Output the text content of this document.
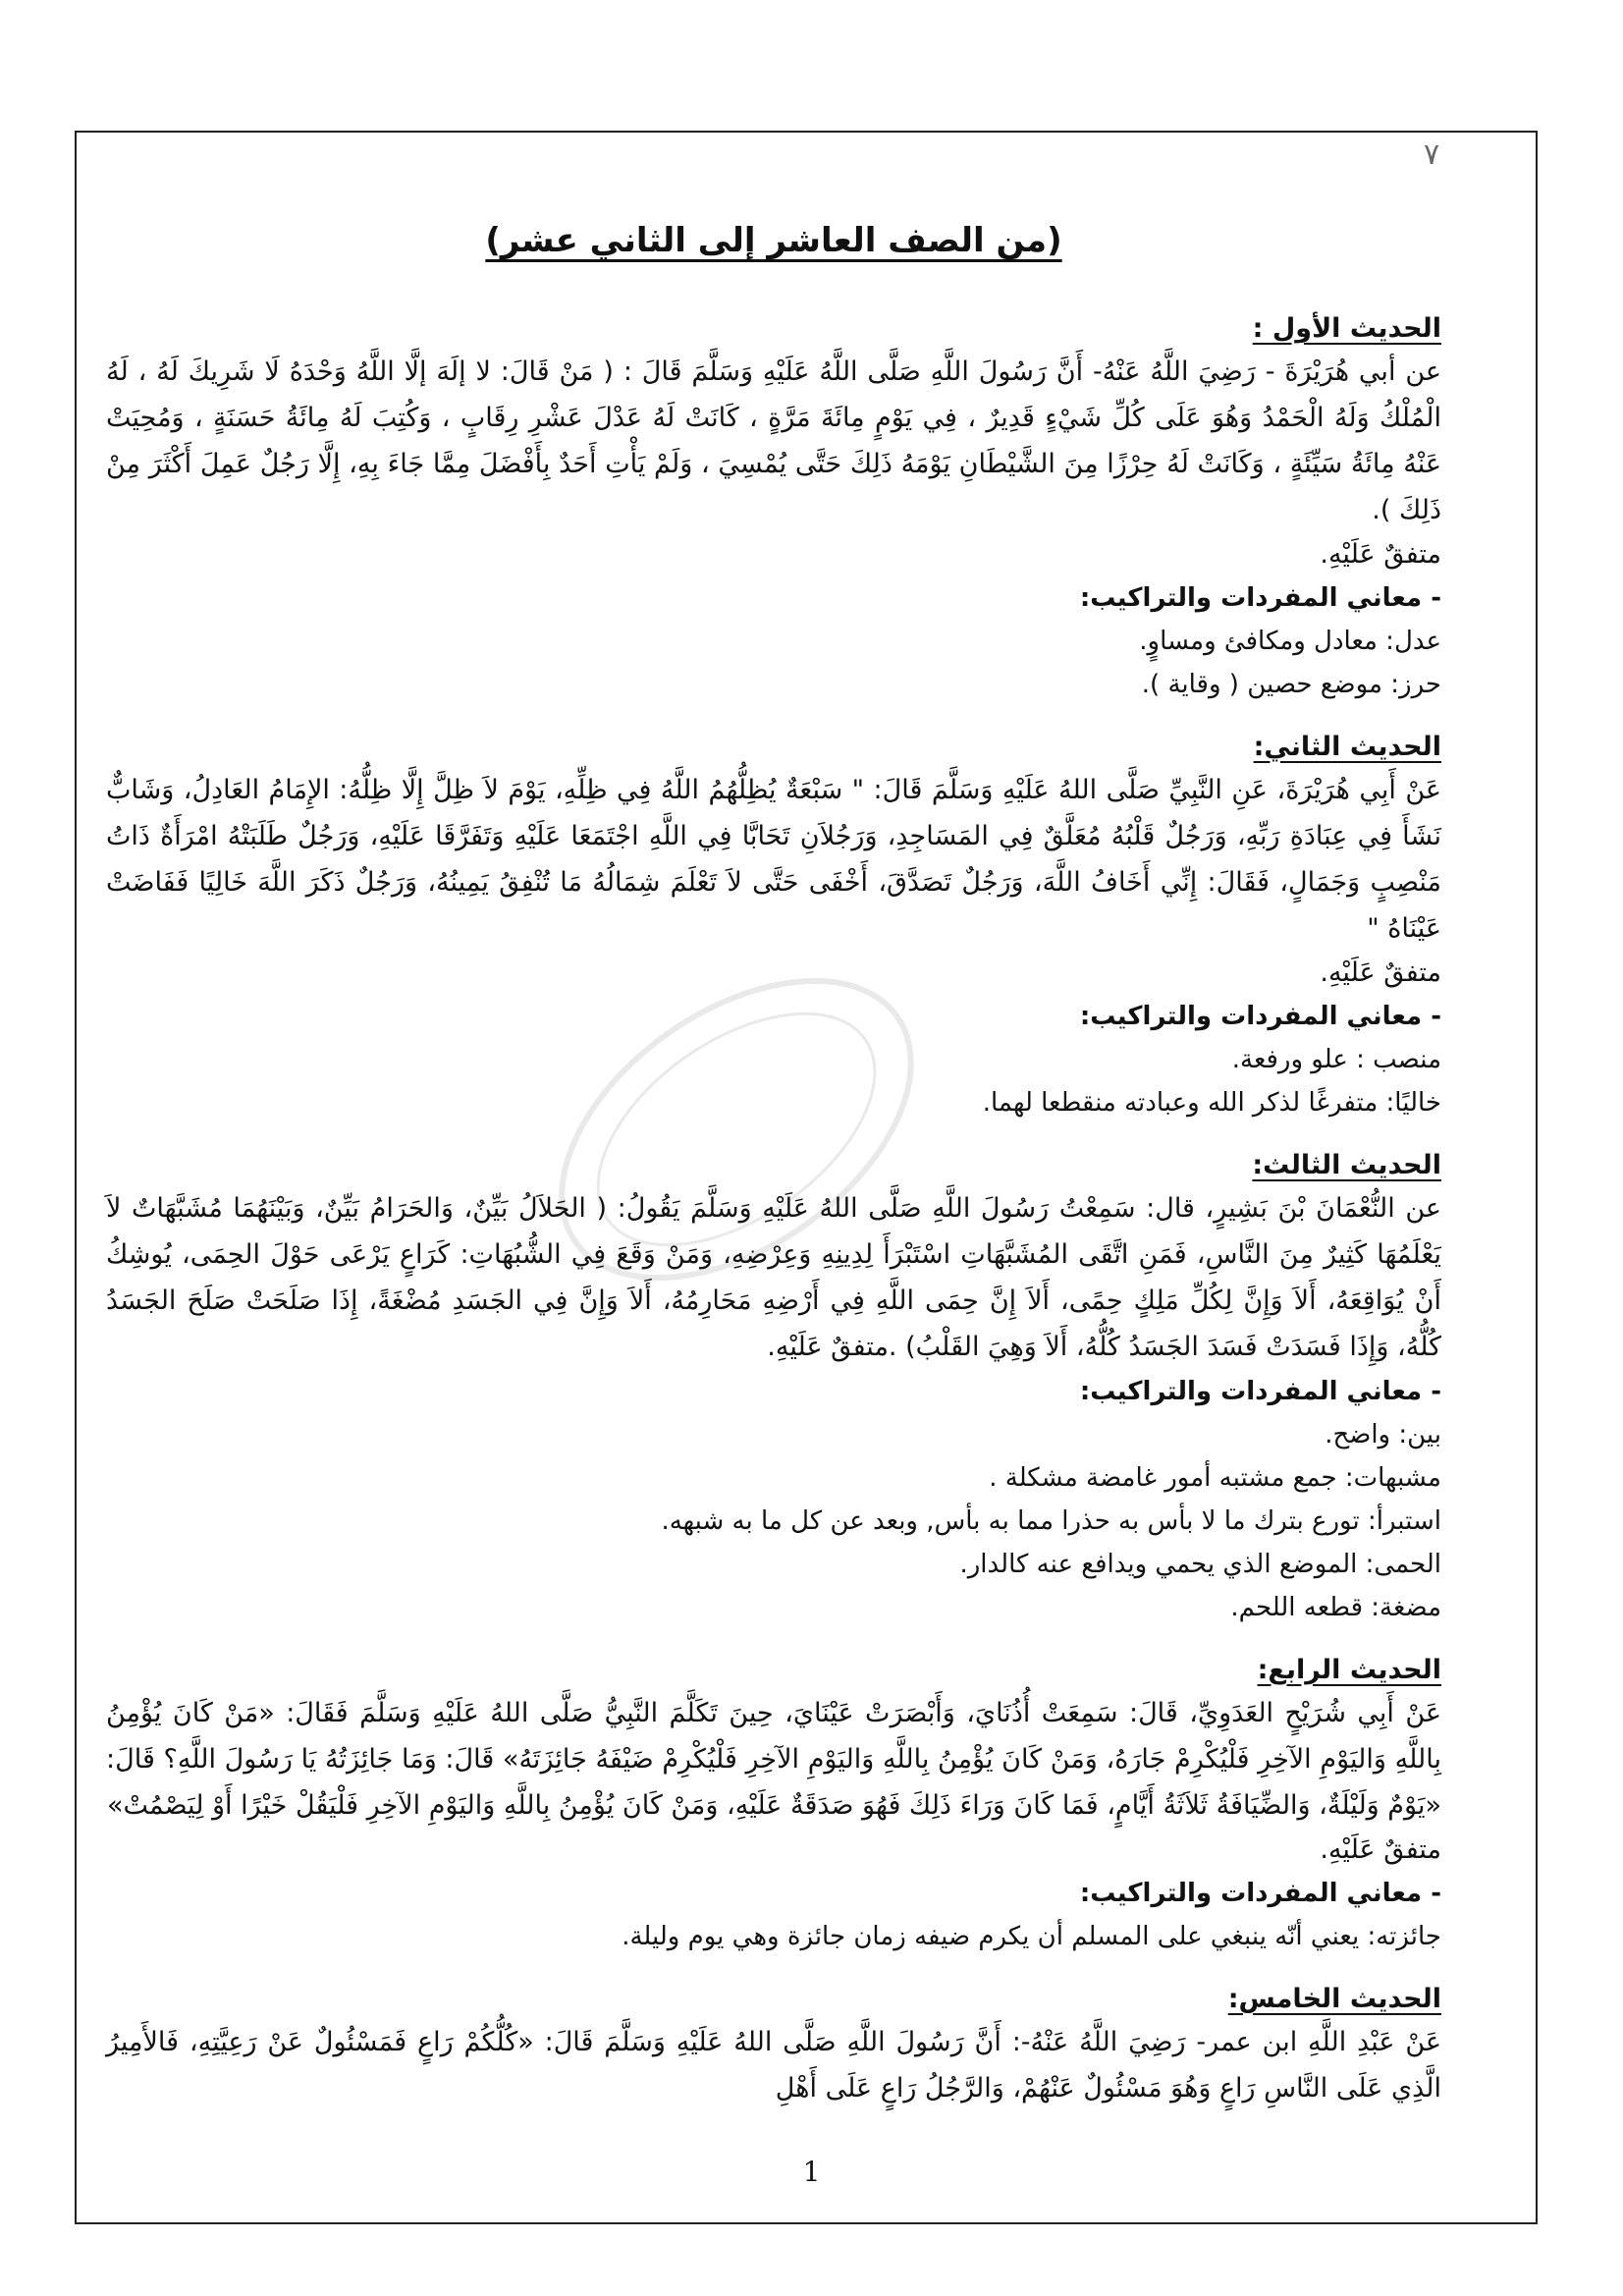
٧
(من الصف العاشر إلى الثاني عشر)
الحديث الأول :

عن أبي هُرَيْرَةَ - رَضِيَ اللَّهُ عَنْهُ- أَنَّ رَسُولَ اللَّهِ صَلَّى اللَّهُ عَلَيْهِ وَسَلَّمَ قَالَ : ( مَنْ قَالَ: لا إلَهَ إلَّا اللَّهُ وَحْدَهُ لَا شَرِيكَ لَهُ ، لَهُ الْمُلْكُ وَلَهُ الْحَمْدُ وَهُوَ عَلَى كُلِّ شَيْءٍ قَدِيرٌ ، فِي يَوْمٍ مِائَةَ مَرَّةٍ ، كَانَتْ لَهُ عَدْلَ عَشْرِ رِقَابٍ ، وَكُتِبَ لَهُ مِائَةُ حَسَنَةٍ ، وَمُحِيَتْ عَنْهُ مِائَةُ سَيِّئَةٍ ، وَكَانَتْ لَهُ حِرْزًا مِنَ الشَّيْطَانِ يَوْمَهُ ذَلِكَ حَتَّى يُمْسِيَ ، وَلَمْ يَأْتِ أَحَدٌ بِأَفْضَلَ مِمَّا جَاءَ بِهِ، إِلَّا رَجُلٌ عَمِلَ أَكْثَرَ مِنْ ذَلِكَ ).

متفقٌ عَلَيْهِ.

- معاني المفردات والتراكيب:

عدل: معادل ومكافئ ومساوٍ.
حرز: موضع حصين ( وقاية ).
الحديث الثاني:

عَنْ أَبِي هُرَيْرَةَ، عَنِ النَّبِيِّ صَلَّى اللهُ عَلَيْهِ وَسَلَّمَ قَالَ: " سَبْعَةٌ يُظِلُّهُمُ اللَّهُ فِي ظِلِّهِ، يَوْمَ لاَ ظِلَّ إِلَّا ظِلُّهُ: الإِمَامُ العَادِلُ، وَشَابٌّ نَشَأَ فِي عِبَادَةِ رَبِّهِ، وَرَجُلٌ قَلْبُهُ مُعَلَّقٌ فِي المَسَاجِدِ، وَرَجُلاَنِ تَحَابَّا فِي اللَّهِ اجْتَمَعَا عَلَيْهِ وَتَفَرَّقَا عَلَيْهِ، وَرَجُلٌ طَلَبَتْهُ امْرَأَةٌ ذَاتُ مَنْصِبٍ وَجَمَالٍ، فَقَالَ: إِنِّي أَخَافُ اللَّهَ، وَرَجُلٌ تَصَدَّقَ، أَخْفَى حَتَّى لاَ تَعْلَمَ شِمَالُهُ مَا تُنْفِقُ يَمِينُهُ، وَرَجُلٌ ذَكَرَ اللَّهَ خَالِيًا فَفَاضَتْ عَيْنَاهُ "

متفقٌ عَلَيْهِ.

- معاني المفردات والتراكيب:

منصب : علو ورفعة.
خاليًا: متفرغًا لذكر الله وعبادته منقطعا لهما.
الحديث الثالث:

عن النُّعْمَانَ بْنَ بَشِيرٍ، قال: سَمِعْتُ رَسُولَ اللَّهِ صَلَّى اللهُ عَلَيْهِ وَسَلَّمَ يَقُولُ: ( الحَلاَلُ بَيِّنٌ، وَالحَرَامُ بَيِّنٌ، وَبَيْنَهُمَا مُشَبَّهَاتٌ لاَ يَعْلَمُهَا كَثِيرٌ مِنَ النَّاسِ، فَمَنِ اتَّقَى المُشَبَّهَاتِ اسْتَبْرَأَ لِدِينِهِ وَعِرْضِهِ، وَمَنْ وَقَعَ فِي الشُّبُهَاتِ: كَرَاعٍ يَرْعَى حَوْلَ الحِمَى، يُوشِكُ أَنْ يُوَاقِعَهُ، أَلاَ وَإِنَّ لِكُلِّ مَلِكٍ حِمًى، أَلاَ إِنَّ حِمَى اللَّهِ فِي أَرْضِهِ مَحَارِمُهُ، أَلاَ وَإِنَّ فِي الجَسَدِ مُضْغَةً، إِذَا صَلَحَتْ صَلَحَ الجَسَدُ كُلُّهُ، وَإِذَا فَسَدَتْ فَسَدَ الجَسَدُ كُلُّهُ، أَلاَ وَهِيَ القَلْبُ) .متفقٌ عَلَيْهِ.

- معاني المفردات والتراكيب:

بين: واضح.
مشبهات: جمع مشتبه أمور غامضة مشكلة .
استبرأ: تورع بترك ما لا بأس به حذرا مما به بأس, وبعد عن كل ما به شبهه.
الحمى: الموضع الذي يحمي ويدافع عنه كالدار.
مضغة: قطعه اللحم.
الحديث الرابع:

عَنْ أَبِي شُرَيْحٍ العَدَوِيِّ، قَالَ: سَمِعَتْ أُذُنَايَ، وَأَبْصَرَتْ عَيْنَايَ، حِينَ تَكَلَّمَ النَّبِيُّ صَلَّى اللهُ عَلَيْهِ وَسَلَّمَ فَقَالَ: «مَنْ كَانَ يُؤْمِنُ بِاللَّهِ وَاليَوْمِ الآخِرِ فَلْيُكْرِمْ جَارَهُ، وَمَنْ كَانَ يُؤْمِنُ بِاللَّهِ وَاليَوْمِ الآخِرِ فَلْيُكْرِمْ ضَيْفَهُ جَائِزَتَهُ» قَالَ: وَمَا جَائِزَتُهُ يَا رَسُولَ اللَّهِ؟ قَالَ: «يَوْمٌ وَلَيْلَةٌ، وَالضِّيَافَةُ ثَلاَثَةُ أَيَّامٍ، فَمَا كَانَ وَرَاءَ ذَلِكَ فَهُوَ صَدَقَةٌ عَلَيْهِ، وَمَنْ كَانَ يُؤْمِنُ بِاللَّهِ وَاليَوْمِ الآخِرِ فَلْيَقُلْ خَيْرًا أَوْ لِيَصْمُتْ»

متفقٌ عَلَيْهِ.

- معاني المفردات والتراكيب:

جائزته: يعني أنّه ينبغي على المسلم أن يكرم ضيفه زمان جائزة وهي يوم وليلة.
الحديث الخامس:

عَنْ عَبْدِ اللَّهِ ابن عمر- رَضِيَ اللَّهُ عَنْهُ-: أَنَّ رَسُولَ اللَّهِ صَلَّى اللهُ عَلَيْهِ وَسَلَّمَ قَالَ: «كُلُّكُمْ رَاعٍ فَمَسْئُولٌ عَنْ رَعِيَّتِهِ، فَالأَمِيرُ الَّذِي عَلَى النَّاسِ رَاعٍ وَهُوَ مَسْئُولٌ عَنْهُمْ، وَالرَّجُلُ رَاعٍ عَلَى أَهْلِ

1
